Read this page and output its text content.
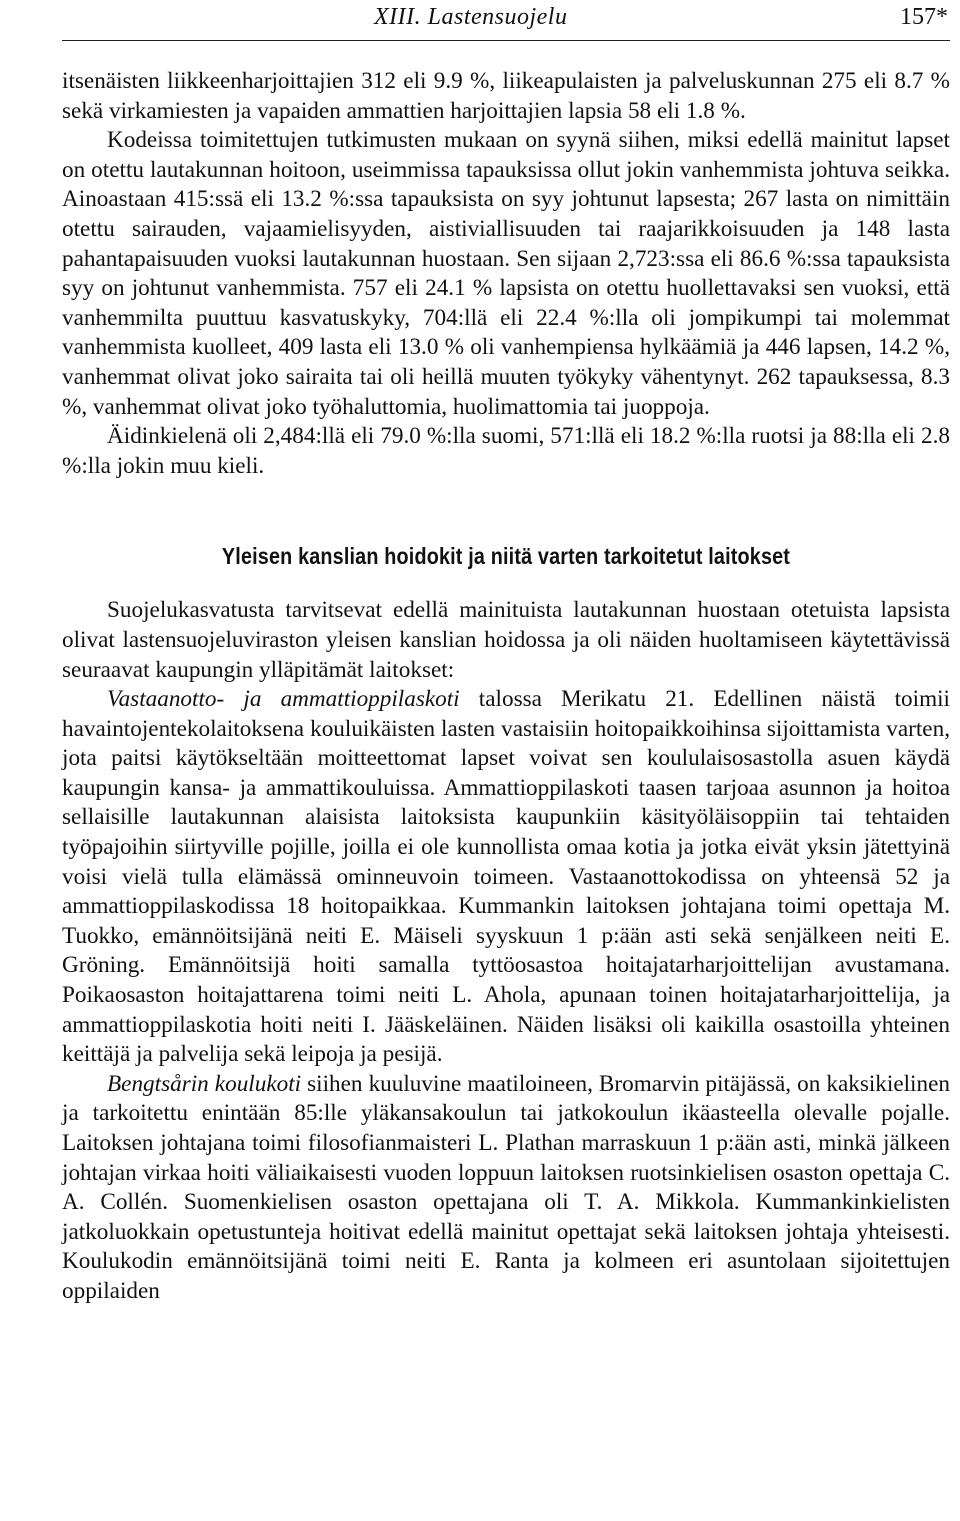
XIII. Lastensuojelu	157*

itsenäisten liikkeenharjoittajien 312 eli 9.9 %, liikeapulaisten ja palveluskunnan 275 eli 8.7 % sekä virkamiesten ja vapaiden ammattien harjoittajien lapsia 58 eli 1.8 %.

Kodeissa toimitettujen tutkimusten mukaan on syynä siihen, miksi edellä mainitut lapset on otettu lautakunnan hoitoon, useimmissa tapauksissa ollut jokin vanhemmista johtuva seikka. Ainoastaan 415:ssä eli 13.2 %:ssa tapauksista on syy johtunut lapsesta; 267 lasta on nimittäin otettu sairauden, vajaamielisyyden, aistiviallisuuden tai raajarikkoisuuden ja 148 lasta pahantapaisuuden vuoksi lautakunnan huostaan. Sen sijaan 2,723:ssa eli 86.6 %:ssa tapauksista syy on johtunut vanhemmista. 757 eli 24.1 % lapsista on otettu huollettavaksi sen vuoksi, että vanhemmilta puuttuu kasvatuskyky, 704:llä eli 22.4 %:lla oli jompikumpi tai molemmat vanhemmista kuolleet, 409 lasta eli 13.0 % oli vanhempiensa hylkäämiä ja 446 lapsen, 14.2 %, vanhemmat olivat joko sairaita tai oli heillä muuten työkyky vähentynyt. 262 tapauksessa, 8.3 %, vanhemmat olivat joko työhaluttomia, huolimattomia tai juoppoja.

Äidinkielenä oli 2,484:llä eli 79.0 %:lla suomi, 571:llä eli 18.2 %:lla ruotsi ja 88:lla eli 2.8 %:lla jokin muu kieli.

Yleisen kanslian hoidokit ja niitä varten tarkoitetut laitokset

Suojelukasvatusta tarvitsevat edellä mainituista lautakunnan huostaan otetuista lapsista olivat lastensuojeluviraston yleisen kanslian hoidossa ja oli näiden huoltamiseen käytettävissä seuraavat kaupungin ylläpitämät laitokset:

Vastaanotto- ja ammattioppilaskoti talossa Merikatu 21. Edellinen näistä toimii havaintojentekolaitoksena kouluikäisten lasten vastaisiin hoitopaikkoihinsa sijoittamista varten, jota paitsi käytökseltään moitteettomat lapset voivat sen koululaisosastolla asuen käydä kaupungin kansa- ja ammattikouluissa. Ammattioppilaskoti taasen tarjoaa asunnon ja hoitoa sellaisille lautakunnan alaisista laitoksista kaupunkiin käsityöläisoppiin tai tehtaiden työpajoihin siirtyville pojille, joilla ei ole kunnollista omaa kotia ja jotka eivät yksin jätettyinä voisi vielä tulla elämässä ominneuvoin toimeen. Vastaanottokodissa on yhteensä 52 ja ammattioppilaskodissa 18 hoitopaikkaa. Kummankin laitoksen johtajana toimi opettaja M. Tuokko, emännöitsijänä neiti E. Mäiseli syyskuun 1 p:ään asti sekä senjälkeen neiti E. Gröning. Emännöitsijä hoiti samalla tyttöosastoa hoitajatarharjoittelijan avustamana. Poikaosaston hoitajattarena toimi neiti L. Ahola, apunaan toinen hoitajatarharjoittelija, ja ammattioppilaskotia hoiti neiti I. Jääskeläinen. Näiden lisäksi oli kaikilla osastoilla yhteinen keittäjä ja palvelija sekä leipoja ja pesijä.

Bengtsårin koulukoti siihen kuuluvine maatiloineen, Bromarvin pitäjässä, on kaksikielinen ja tarkoitettu enintään 85:lle yläkansakoulun tai jatkokoulun ikäasteella olevalle pojalle. Laitoksen johtajana toimi filosofianmaisteri L. Plathan marraskuun 1 p:ään asti, minkä jälkeen johtajan virkaa hoiti väliaikaisesti vuoden loppuun laitoksen ruotsinkielisen osaston opettaja C. A. Collén. Suomenkielisen osaston opettajana oli T. A. Mikkola. Kummankinkielisten jatkoluokkain opetustunteja hoitivat edellä mainitut opettajat sekä laitoksen johtaja yhteisesti. Koulukodin emännöitsijänä toimi neiti E. Ranta ja kolmeen eri asuntolaan sijoitettujen oppilaiden
